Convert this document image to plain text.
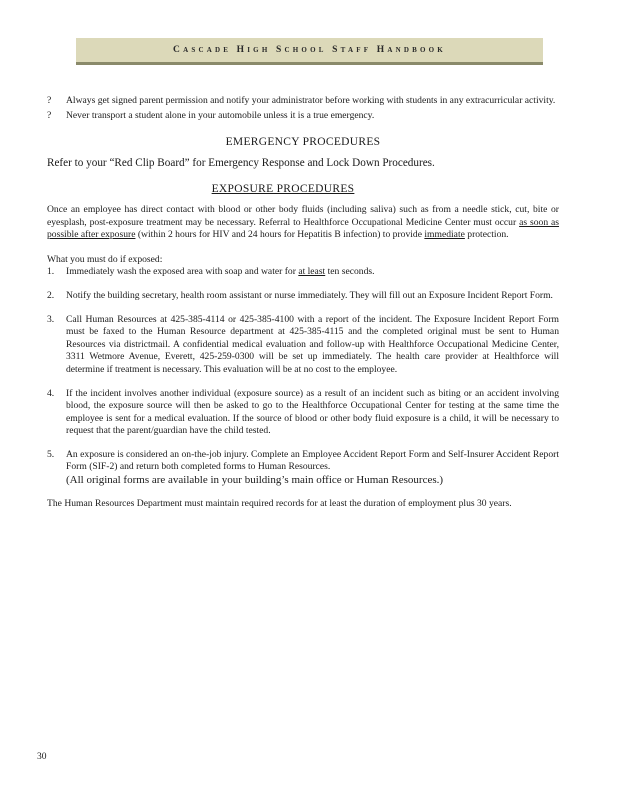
Cascade High School Staff Handbook
? Always get signed parent permission and notify your administrator before working with students in any extracurricular activity.
? Never transport a student alone in your automobile unless it is a true emergency.
EMERGENCY PROCEDURES
Refer to your “Red Clip Board” for Emergency Response and Lock Down Procedures.
EXPOSURE PROCEDURES

Once an employee has direct contact with blood or other body fluids (including saliva) such as from a needle stick, cut, bite or eyesplash, post-exposure treatment may be necessary. Referral to Healthforce Occupational Medicine Center must occur as soon as possible after exposure (within 2 hours for HIV and 24 hours for Hepatitis B infection) to provide immediate protection.

What you must do if exposed:

1. Immediately wash the exposed area with soap and water for at least ten seconds.
2. Notify the building secretary, health room assistant or nurse immediately. They will fill out an Exposure Incident Report Form.
3. Call Human Resources at 425-385-4114 or 425-385-4100 with a report of the incident. The Exposure Incident Report Form must be faxed to the Human Resource department at 425-385-4115 and the completed original must be sent to Human Resources via districtmail. A confidential medical evaluation and follow-up with Healthforce Occupational Medicine Center, 3311 Wetmore Avenue, Everett, 425-259-0300 will be set up immediately. The health care provider at Healthforce will determine if treatment is necessary. This evaluation will be at no cost to the employee.
4. If the incident involves another individual (exposure source) as a result of an incident such as biting or an accident involving blood, the exposure source will then be asked to go to the Healthforce Occupational Center for testing at the same time the employee is sent for a medical evaluation. If the source of blood or other body fluid exposure is a child, it will be necessary to request that the parent/guardian have the child tested.
5. An exposure is considered an on-the-job injury. Complete an Employee Accident Report Form and Self-Insurer Accident Report Form (SIF-2) and return both completed forms to Human Resources.
(All original forms are available in your building’s main office or Human Resources.)

The Human Resources Department must maintain required records for at least the duration of employment plus 30 years.

30
